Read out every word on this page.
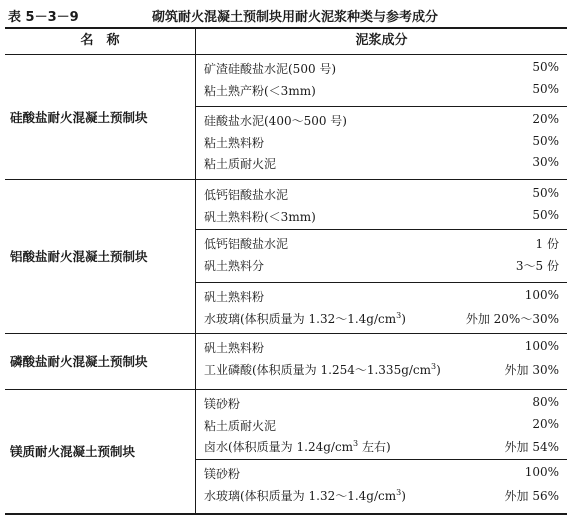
表 5－3－9	砌筑耐火混凝土预制块用耐火泥浆种类与参考成分
名　称	泥浆成分
硅酸盐耐火混凝土预制块
矿渣硅酸盐水泥(500 号)	50%
粘土熟产粉(＜3mm)	50%
硅酸盐水泥(400～500 号)	20%
粘土熟料粉	50%
粘土质耐火泥	30%
铝酸盐耐火混凝土预制块
低钙铝酸盐水泥	50%
矾土熟料粉(＜3mm)	50%
低钙铝酸盐水泥	1 份
矾土熟料分	3～5 份
矾土熟料粉	100%
水玻璃(体积质量为 $1.32\sim 1.4g/cm^3$)	外加 20%～30%
磷酸盐耐火混凝土预制块
矾土熟料粉	100%
工业磷酸(体积质量为 $1.254\sim 1.335g/cm^3$)	外加 30%
镁质耐火混凝土预制块
镁砂粉	80%
粘土质耐火泥	20%
卤水(体积质量为 $1.24g/cm^3$ 左右)	外加 54%
镁砂粉	100%
水玻璃(体积质量为 $1.32\sim 1.4g/cm^3$)	外加 56%
